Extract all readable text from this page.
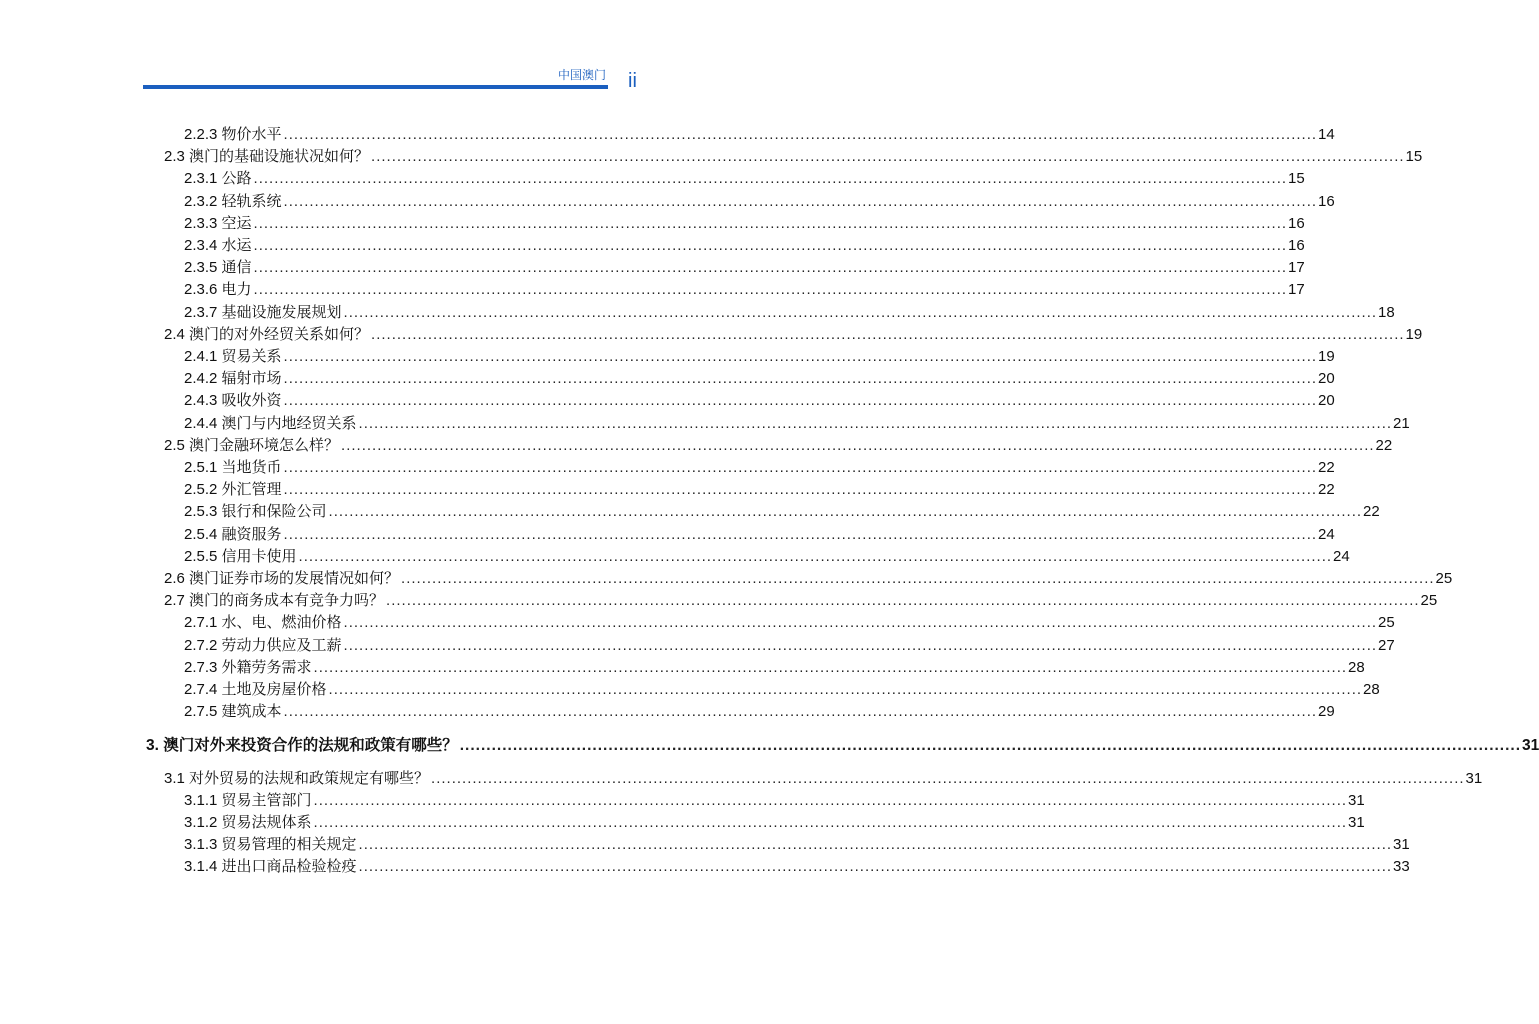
中国澳门 ii
2.2.3 物价水平 ........................................................................................................................................................................................................ 14
2.3 澳门的基础设施状况如何？ ........................................................................................................................................................................................................ 15
2.3.1 公路 ........................................................................................................................................................................................................ 15
2.3.2 轻轨系统 ........................................................................................................................................................................................................ 16
2.3.3 空运 ........................................................................................................................................................................................................ 16
2.3.4 水运 ........................................................................................................................................................................................................ 16
2.3.5 通信 ........................................................................................................................................................................................................ 17
2.3.6 电力 ........................................................................................................................................................................................................ 17
2.3.7 基础设施发展规划 ........................................................................................................................................................................................................ 18
2.4 澳门的对外经贸关系如何？ ........................................................................................................................................................................................................ 19
2.4.1 贸易关系 ........................................................................................................................................................................................................ 19
2.4.2 辐射市场 ........................................................................................................................................................................................................ 20
2.4.3 吸收外资 ........................................................................................................................................................................................................ 20
2.4.4 澳门与内地经贸关系 ........................................................................................................................................................................................................ 21
2.5 澳门金融环境怎么样？ ........................................................................................................................................................................................................ 22
2.5.1 当地货币 ........................................................................................................................................................................................................ 22
2.5.2 外汇管理 ........................................................................................................................................................................................................ 22
2.5.3 银行和保险公司 ........................................................................................................................................................................................................ 22
2.5.4 融资服务 ........................................................................................................................................................................................................ 24
2.5.5 信用卡使用 ........................................................................................................................................................................................................ 24
2.6 澳门证券市场的发展情况如何？ ........................................................................................................................................................................................................ 25
2.7 澳门的商务成本有竞争力吗？ ........................................................................................................................................................................................................ 25
2.7.1 水、电、燃油价格 ........................................................................................................................................................................................................ 25
2.7.2 劳动力供应及工薪 ........................................................................................................................................................................................................ 27
2.7.3 外籍劳务需求 ........................................................................................................................................................................................................ 28
2.7.4 土地及房屋价格 ........................................................................................................................................................................................................ 28
2.7.5 建筑成本 ........................................................................................................................................................................................................ 29
3. 澳门对外来投资合作的法规和政策有哪些？ ........................................................................................................................................................................................................ 31
3.1 对外贸易的法规和政策规定有哪些？ ........................................................................................................................................................................................................ 31
3.1.1 贸易主管部门 ........................................................................................................................................................................................................ 31
3.1.2 贸易法规体系 ........................................................................................................................................................................................................ 31
3.1.3 贸易管理的相关规定 ........................................................................................................................................................................................................ 31
3.1.4 进出口商品检验检疫 ........................................................................................................................................................................................................ 33
